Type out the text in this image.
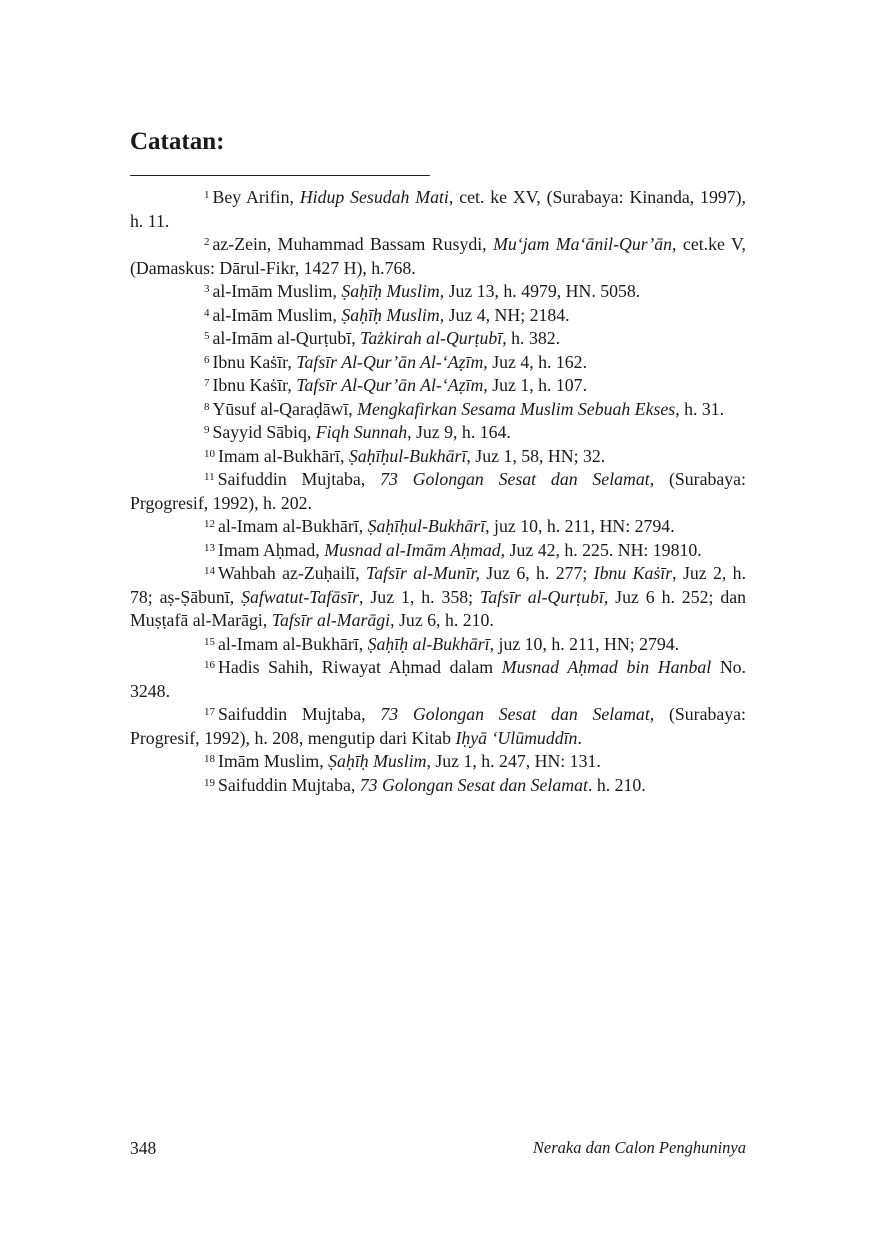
Catatan:

$^1$ Bey Arifin, Hidup Sesudah Mati, cet. ke XV, (Surabaya: Kinanda, 1997), h. 11.

$^2$ az-Zein, Muhammad Bassam Rusydi, Mu‘jam Ma‘ānil-Qur’ān, cet.ke V, (Damaskus: Dārul-Fikr, 1427 H), h.768.

$^3$ al-Imām Muslim, Ṣaḥīḥ Muslim, Juz 13, h. 4979, HN. 5058.

$^4$ al-Imām Muslim, Ṣaḥīḥ Muslim, Juz 4, NH; 2184.

$^5$ al-Imām al-Qurṭubī, Tażkirah al-Qurṭubī, h. 382.

$^6$ Ibnu Kaṡīr, Tafsīr Al-Qur’ān Al-‘Aẓīm, Juz 4, h. 162.

$^7$ Ibnu Kaṡīr, Tafsīr Al-Qur’ān Al-‘Aẓīm, Juz 1, h. 107.

$^8$ Yūsuf al-Qaraḍāwī, Mengkafirkan Sesama Muslim Sebuah Ekses, h. 31.

$^9$ Sayyid Sābiq, Fiqh Sunnah, Juz 9, h. 164.

$^{10}$ Imam al-Bukhārī, Ṣaḥīḥul-Bukhārī, Juz 1, 58, HN; 32.

$^{11}$ Saifuddin Mujtaba, 73 Golongan Sesat dan Selamat, (Surabaya: Prgogresif, 1992), h. 202.

$^{12}$ al-Imam al-Bukhārī, Ṣaḥīḥul-Bukhārī, juz 10, h. 211, HN: 2794.

$^{13}$ Imam Aḥmad, Musnad al-Imām Aḥmad, Juz 42, h. 225. NH: 19810.

$^{14}$ Wahbah az-Zuḥailī, Tafsīr al-Munīr, Juz 6, h. 277; Ibnu Kaṡīr, Juz 2, h. 78; aṣ-Ṣābunī, Ṣafwatut-Tafāsīr, Juz 1, h. 358; Tafsīr al-Qurṭubī, Juz 6 h. 252; dan Muṣṭafā al-Marāgi, Tafsīr al-Marāgi, Juz 6, h. 210.

$^{15}$ al-Imam al-Bukhārī, Ṣaḥīḥ al-Bukhārī, juz 10, h. 211, HN; 2794.

$^{16}$ Hadis Sahih, Riwayat Aḥmad dalam Musnad Aḥmad bin Hanbal No. 3248.

$^{17}$ Saifuddin Mujtaba, 73 Golongan Sesat dan Selamat, (Surabaya: Progresif, 1992), h. 208, mengutip dari Kitab Iḥyā ‘Ulūmuddīn.

$^{18}$ Imām Muslim, Ṣaḥīḥ Muslim, Juz 1, h. 247, HN: 131.

$^{19}$ Saifuddin Mujtaba, 73 Golongan Sesat dan Selamat. h. 210.

348	Neraka dan Calon Penghuninya
